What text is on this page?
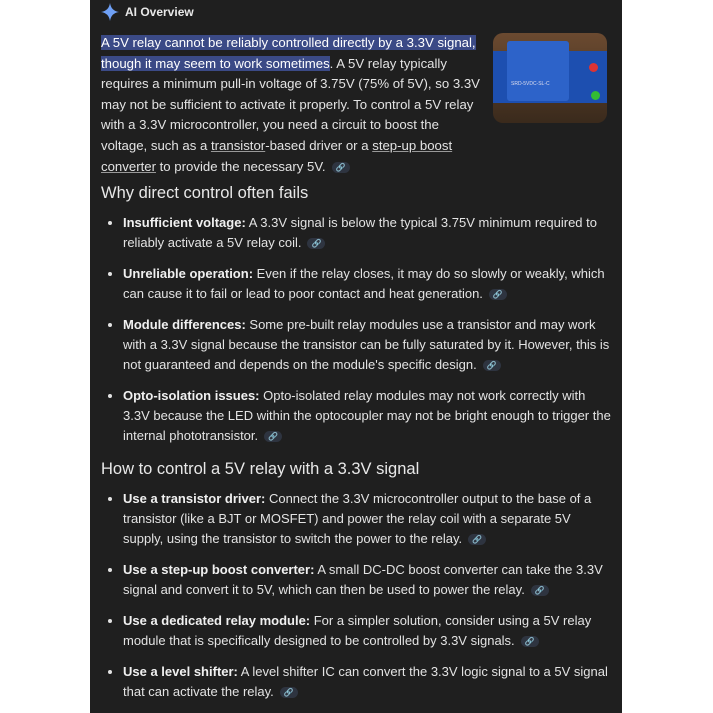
AI Overview
A 5V relay cannot be reliably controlled directly by a 3.3V signal, though it may seem to work sometimes. A 5V relay typically requires a minimum pull-in voltage of 3.75V (75% of 5V), so 3.3V may not be sufficient to activate it properly. To control a 5V relay with a 3.3V microcontroller, you need a circuit to boost the voltage, such as a transistor-based driver or a step-up boost converter to provide the necessary 5V. 🔗
SRD-5VDC-SL-C
Why direct control often fails
Insufficient voltage: A 3.3V signal is below the typical 3.75V minimum required to reliably activate a 5V relay coil. 🔗
Unreliable operation: Even if the relay closes, it may do so slowly or weakly, which can cause it to fail or lead to poor contact and heat generation. 🔗
Module differences: Some pre-built relay modules use a transistor and may work with a 3.3V signal because the transistor can be fully saturated by it. However, this is not guaranteed and depends on the module's specific design. 🔗
Opto-isolation issues: Opto-isolated relay modules may not work correctly with 3.3V because the LED within the optocoupler may not be bright enough to trigger the internal phototransistor. 🔗
How to control a 5V relay with a 3.3V signal
Use a transistor driver: Connect the 3.3V microcontroller output to the base of a transistor (like a BJT or MOSFET) and power the relay coil with a separate 5V supply, using the transistor to switch the power to the relay. 🔗
Use a step-up boost converter: A small DC-DC boost converter can take the 3.3V signal and convert it to 5V, which can then be used to power the relay. 🔗
Use a dedicated relay module: For a simpler solution, consider using a 5V relay module that is specifically designed to be controlled by 3.3V signals. 🔗
Use a level shifter: A level shifter IC can convert the 3.3V logic signal to a 5V signal that can activate the relay. 🔗
